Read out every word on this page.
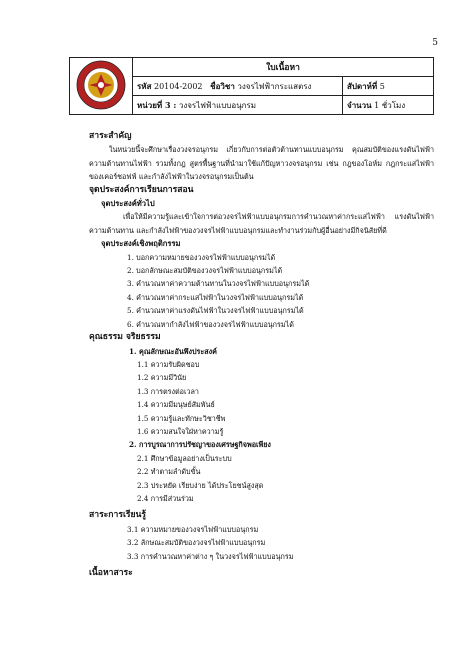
5
	ใบเนื้อหา	
	รหัส 20104-2002 ชื่อวิชา วงจรไฟฟ้ากระแสตรง	สัปดาห์ที่ 5
	หน่วยที่ 3 : วงจรไฟฟ้าแบบอนุกรม	จำนวน 1 ชั่วโมง

สาระสำคัญ

ในหน่วยนี้จะศึกษาเรื่องวงจรอนุกรม เกี่ยวกับการต่อตัวต้านทานแบบอนุกรม คุณสมบัติของแรงดันไฟฟ้า ความต้านทานไฟฟ้า รวมทั้งกฎ สูตรพื้นฐานที่นำมาใช้แก้ปัญหาวงจรอนุกรม เช่น กฎของโอห์ม กฎกระแสไฟฟ้าของเคอร์ชอฟฟ์ และกำลังไฟฟ้าในวงจรอนุกรมเป็นต้น

จุดประสงค์การเรียนการสอน

จุดประสงค์ทั่วไป

เพื่อให้มีความรู้และเข้าใจการต่อวงจรไฟฟ้าแบบอนุกรมการคำนวณหาค่ากระแสไฟฟ้า แรงดันไฟฟ้า ความต้านทาน และกำลังไฟฟ้าของวงจรไฟฟ้าแบบอนุกรมและทำงานร่วมกับผู้อื่นอย่างมีกิจนิสัยที่ดี

จุดประสงค์เชิงพฤติกรรม

1. บอกความหมายของวงจรไฟฟ้าแบบอนุกรมได้
2. บอกลักษณะสมบัติของวงจรไฟฟ้าแบบอนุกรมได้
3. คำนวณหาค่าความต้านทานในวงจรไฟฟ้าแบบอนุกรมได้
4. คำนวณหาค่ากระแสไฟฟ้าในวงจรไฟฟ้าแบบอนุกรมได้
5. คำนวณหาค่าแรงดันไฟฟ้าในวงจรไฟฟ้าแบบอนุกรมได้
6. คำนวณหากำลังไฟฟ้าของวงจรไฟฟ้าแบบอนุกรมได้

คุณธรรม จริยธรรม

1. คุณลักษณะอันพึงประสงค์

1.1 ความรับผิดชอบ
1.2 ความมีวินัย
1.3 การตรงต่อเวลา
1.4 ความมีมนุษย์สัมพันธ์
1.5 ความรู้และทักษะวิชาชีพ
1.6 ความสนใจใฝ่หาความรู้

2. การบูรณาการปรัชญาของเศรษฐกิจพอเพียง

2.1 ศึกษาข้อมูลอย่างเป็นระบบ
2.2 ทำตามลำดับขั้น
2.3 ประหยัด เรียบง่าย ได้ประโยชน์สูงสุด
2.4 การมีส่วนร่วม

สาระการเรียนรู้

3.1 ความหมายของวงจรไฟฟ้าแบบอนุกรม
3.2 ลักษณะสมบัติของวงจรไฟฟ้าแบบอนุกรม
3.3 การคำนวณหาค่าต่าง ๆ ในวงจรไฟฟ้าแบบอนุกรม

เนื้อหาสาระ
